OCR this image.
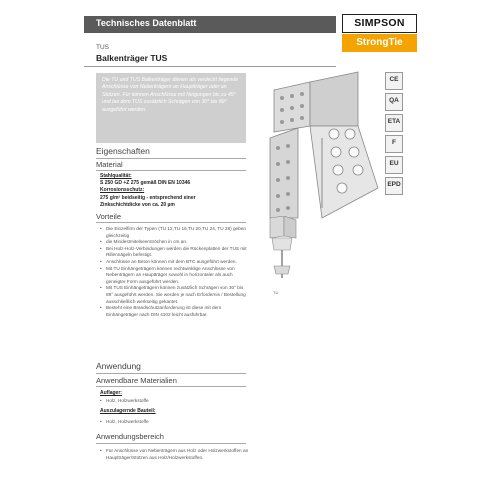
Technisches Datenblatt	SIMPSON
StrongTie
TUS
Balkenträger TUS
Die TU und TUS Balkenträger dienen als verdeckt liegende Anschlüsse von Nebenträgern an Hauptträger oder an Stützen. Für können Anschlüsse mit Neigungen bis zu 45° und bei dem TUS zusätzlich Schrägen von 30° bis 89° ausgeführt werden.
TU
CE
QA
ETA
F
EU
EPD
Eigenschaften
Material
Stahlqualität:
S 250 GD +Z 275 gemäß DIN EN 10346
Korrosionsschutz:
275 g/m² beidseitig - entsprechend einer
Zinkschichtdicke von ca. 20 µm
Vorteile
• Die Einzelfirm der Typen (TU 12,TU 16,TU 20,TU 24, TU 28) geben gleichzeitig
• die Mindestmitelseerströchen in cm an.
• Bei Holz-Holz-Verbindungen werden die Rückenplatten der TUS mit Rillennägeln befestigt.
• Anschlüsse an Beton können mit dem BTC ausgeführt werden.
• Mit TU Einhängeträgern können rechtwinklige Anschlüsse von Nebenträgern an Hauptträger sowohl in horizontaler als auch geneigter Form ausgeführt werden.
• Mit TUS Einhängeträgern können zusätzlich Schrägen von 30° bis 89° ausgeführt werden. Sie werden je nach Erfordernis / Bestellung ausschließlich werkseitig gekantet.
• Besteht eine Brandschutzanforderung ist diese mit dem Einhängeträger nach DIN 4102 leicht ausführbar.
Anwendung
Anwendbare Materialien
Auflager:
• Holz, Holzwerkstoffe
Auszulagernde Bauteil:
• Holz, Holzwerkstoffe
Anwendungsbereich
• Für Anschlüsse von Nebenträgern aus Holz oder Holzwerkstoffen an Hauptträger/Stützen aus Holz/Holzwerkstoffen.
